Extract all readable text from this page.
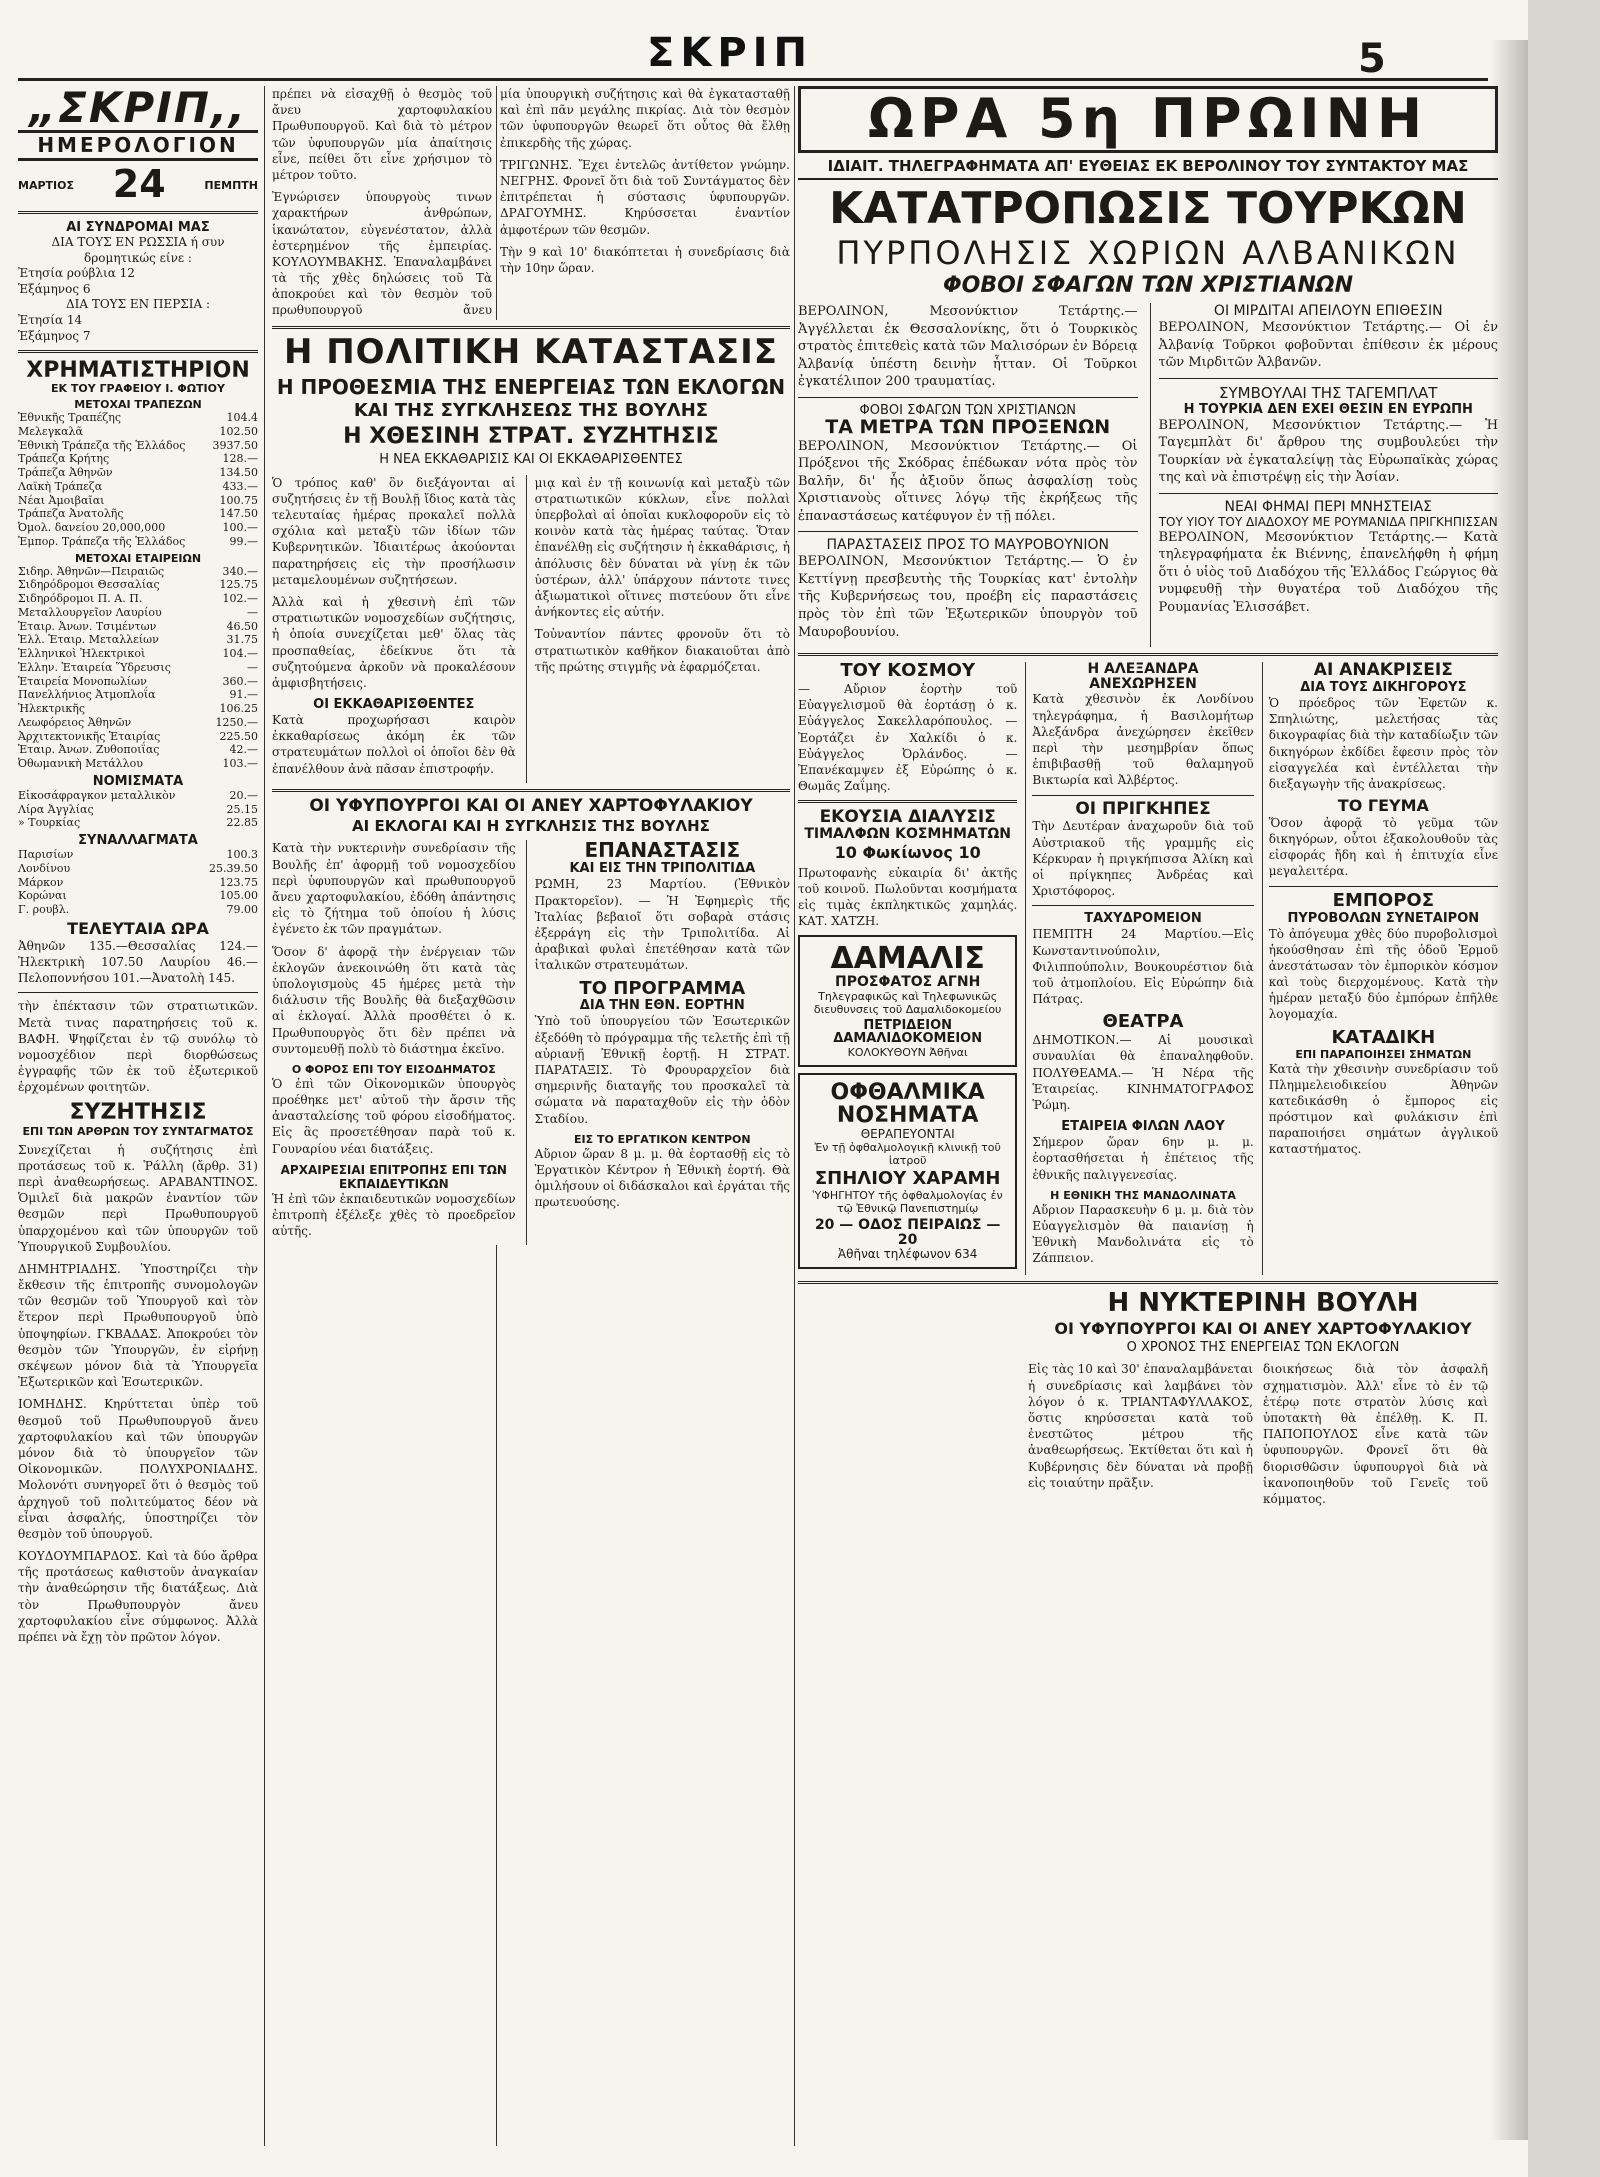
ΣΚΡΙΠ	5
„ΣΚΡΙΠ,,
ΗΜΕΡΟΛΟΓΙΟΝ
ΜΑΡΤΙΟΣ 24	ΠΕΜΠΤΗ
ΑΙ ΣΥΝΔΡΟΜΑΙ ΜΑΣ
ΔΙΑ ΤΟΥΣ ΕΝ ΡΩΣΣΙΑ ή συν
δρομητικώς είνε :
Ἐτησία ρούβλια 12
Ἑξάμηνος 6
ΔΙΑ ΤΟΥΣ ΕΝ ΠΕΡΣΙΑ :
Ἐτησία 14
Ἑξάμηνος 7
ΧΡΗΜΑΤΙΣΤΗΡΙΟΝ
ΕΚ ΤΟΥ ΓΡΑΦΕΙΟΥ Ι. ΦΩΤΙΟΥ
ΜΕΤΟΧΑΙ ΤΡΑΠΕΖΩΝ
Ἐθνικῆς Τραπέζης	104.4
Μελεγκαλᾶ	102.50
Ἐθνικὴ Τράπεζα τῆς Ἑλλάδος	3937.50
Τράπεζα Κρήτης	128.—
Τράπεζα Ἀθηνῶν	134.50
Λαϊκὴ Τράπεζα	433.—
Νέαι Ἀμοιβαῖαι	100.75
Τράπεζα Ἀνατολῆς	147.50
Ὀμολ. δανείου 20,000,000	100.—
Ἐμπορ. Τράπεζα τῆς Ἑλλάδος	99.—
ΜΕΤΟΧΑΙ ΕΤΑΙΡΕΙΩΝ
Σιδηρ. Ἀθηνῶν—Πειραιῶς	340.—
Σιδηρόδρομοι Θεσσαλίας	125.75
Σιδηρόδρομοι Π. Α. Π.	102.—
Μεταλλουργεῖον Λαυρίου	—
Ἑταιρ. Ἀνων. Τσιμέντων	46.50
Ἑλλ. Ἑταιρ. Μεταλλείων	31.75
Ἑλληνικοὶ Ἠλεκτρικοὶ	104.—
Ἑλλην. Ἑταιρεία Ὕδρευσις	—
Ἑταιρεία Μονοπωλίων	360.—
Πανελλήνιος Ἀτμοπλοΐα	91.—
Ἠλεκτρικῆς	106.25
Λεωφόρειος Ἀθηνῶν	1250.—
Ἀρχιτεκτονικῆς Ἑταιρίας	225.50
Ἑταιρ. Ἀνων. Ζυθοποιΐας	42.—
Ὀθωμανικὴ Μετάλλου	103.—
ΝΟΜΙΣΜΑΤΑ
Εἰκοσάφραγκον μεταλλικὸν	20.—
Λίρα Ἀγγλίας	25.15
» Τουρκίας	22.85
ΣΥΝΑΛΛΑΓΜΑΤΑ
Παρισίων	100.3
Λονδίνου	25.39.50
Μάρκον	123.75
Κορώναι	105.00
Γ. ρουβλ.	79.00
ΤΕΛΕΥΤΑΙΑ ΩΡΑ

Ἀθηνῶν 135.—Θεσσαλίας 124.—Ἠλεκτρικὴ 107.50 Λαυρίου 46.—Πελοποννήσου 101.—Ἀνατολὴ 145.

τὴν ἐπέκτασιν τῶν στρατιωτικῶν. Μετὰ τινας παρατηρήσεις τοῦ κ. ΒΑΦΗ. Ψηφίζεται ἐν τῷ συνόλῳ τὸ νομοσχέδιον περὶ διορθώσεως ἐγγραφῆς τῶν ἐκ τοῦ ἐξωτερικοῦ ἐρχομένων φοιτητῶν.

ΣΥΖΗΤΗΣΙΣ
ΕΠΙ ΤΩΝ ΑΡΘΡΩΝ ΤΟΥ ΣΥΝΤΑΓΜΑΤΟΣ

Συνεχίζεται ἡ συζήτησις ἐπὶ προτάσεως τοῦ κ. Ῥάλλη (ἄρθρ. 31) περὶ ἀναθεωρήσεως. ΑΡΑΒΑΝΤΙΝΟΣ. Ὁμιλεῖ διὰ μακρῶν ἐναντίον τῶν θεσμῶν περὶ Πρωθυπουργοῦ ὑπαρχομένου καὶ τῶν ὑπουργῶν τοῦ Ὑπουργικοῦ Συμβουλίου.

ΔΗΜΗΤΡΙΑΔΗΣ. Ὑποστηρίζει τὴν ἔκθεσιν τῆς ἐπιτροπῆς συνομολογῶν τῶν θεσμῶν τοῦ Ὑπουργοῦ καὶ τὸν ἕτερον περὶ Πρωθυπουργοῦ ὑπὸ ὑποψηφίων. ΓΚΒΑΔΑΣ. Ἀποκρούει τὸν θεσμὸν τῶν Ὑπουργῶν, ἐν εἰρήνῃ σκέψεων μόνον διὰ τὰ Ὑπουργεῖα Ἐξωτερικῶν καὶ Ἐσωτερικῶν.

ΙΟΜΗΔΗΣ. Κηρύττεται ὑπὲρ τοῦ θεσμοῦ τοῦ Πρωθυπουργοῦ ἄνευ χαρτοφυλακίου καὶ τῶν ὑπουργῶν μόνον διὰ τὸ ὑπουργεῖον τῶν Οἰκονομικῶν. ΠΟΛΥΧΡΟΝΙΑΔΗΣ. Μολονότι συνηγορεῖ ὅτι ὁ θεσμὸς τοῦ ἀρχηγοῦ τοῦ πολιτεύματος δέον νὰ εἶναι ἀσφαλής, ὑποστηρίζει τὸν θεσμὸν τοῦ ὑπουργοῦ.

ΚΟΥΔΟΥΜΠΑΡΔΟΣ. Καὶ τὰ δύο ἄρθρα τῆς προτάσεως καθιστοῦν ἀναγκαίαν τὴν ἀναθεώρησιν τῆς διατάξεως. Διὰ τὸν Πρωθυπουργὸν ἄνευ χαρτοφυλακίου εἶνε σύμφωνος. Ἀλλὰ πρέπει νὰ ἔχῃ τὸν πρῶτον λόγον.

πρέπει νὰ εἰσαχθῇ ὁ θεσμὸς τοῦ ἄνευ χαρτοφυλακίου Πρωθυπουργοῦ. Καὶ διὰ τὸ μέτρον τῶν ὑφυπουργῶν μία ἀπαίτησις εἶνε, πείθει ὅτι εἶνε χρήσιμον τὸ μέτρον τοῦτο.

Ἐγνώρισεν ὑπουργοὺς τινων χαρακτήρων ἀνθρώπων, ἱκανώτατον, εὐγενέστατον, ἀλλὰ ἐστερημένον τῆς ἐμπειρίας. ΚΟΥΛΟΥΜΒΑΚΗΣ. Ἐπαναλαμβάνει τὰ τῆς χθὲς δηλώσεις τοῦ Τὰ ἀποκρούει καὶ τὸν θεσμὸν τοῦ πρωθυπουργοῦ ἄνευ

μία ὑπουργικὴ συζήτησις καὶ θὰ ἐγκατασταθῇ καὶ ἐπὶ πᾶν μεγάλης πικρίας. Διὰ τὸν θεσμὸν τῶν ὑφυπουργῶν θεωρεῖ ὅτι οὗτος θὰ ἔλθῃ ἐπικερδὴς τῆς χώρας.

ΤΡΙΓΩΝΗΣ. Ἔχει ἐντελῶς ἀντίθετον γνώμην. ΝΕΓΡΗΣ. Φρονεῖ ὅτι διὰ τοῦ Συντάγματος δὲν ἐπιτρέπεται ἡ σύστασις ὑφυπουργῶν. ΔΡΑΓΟΥΜΗΣ. Κηρύσσεται ἐναντίον ἀμφοτέρων τῶν θεσμῶν.

Τὴν 9 καὶ 10' διακόπτεται ἡ συνεδρίασις διὰ τὴν 10ην ὥραν.

Η ΠΟΛΙΤΙΚΗ ΚΑΤΑΣΤΑΣΙΣ
Η ΠΡΟΘΕΣΜΙΑ ΤΗΣ ΕΝΕΡΓΕΙΑΣ ΤΩΝ ΕΚΛΟΓΩΝ
ΚΑΙ ΤΗΣ ΣΥΓΚΛΗΣΕΩΣ ΤΗΣ ΒΟΥΛΗΣ
Η ΧΘΕΣΙΝΗ ΣΤΡΑΤ. ΣΥΖΗΤΗΣΙΣ
Η ΝΕΑ ΕΚΚΑΘΑΡΙΣΙΣ ΚΑΙ ΟΙ ΕΚΚΑΘΑΡΙΣΘΕΝΤΕΣ

Ὁ τρόπος καθ' ὃν διεξάγονται αἱ συζητήσεις ἐν τῇ Βουλῇ ἴδιος κατὰ τὰς τελευταίας ἡμέρας προκαλεῖ πολλὰ σχόλια καὶ μεταξὺ τῶν ἰδίων τῶν Κυβερνητικῶν. Ἰδιαιτέρως ἀκούονται παρατηρήσεις εἰς τὴν προσήλωσιν μεταμελουμένων συζητήσεων.

Ἀλλὰ καὶ ἡ χθεσινὴ ἐπὶ τῶν στρατιωτικῶν νομοσχεδίων συζήτησις, ἡ ὁποία συνεχίζεται μεθ' ὅλας τὰς προσπαθείας, ἐδείκνυε ὅτι τὰ συζητούμενα ἀρκοῦν νὰ προκαλέσουν ἀμφισβητήσεις.

ΟΙ ΕΚΚΑΘΑΡΙΣΘΕΝΤΕΣ

Κατὰ προχωρήσασι καιρὸν ἐκκαθαρίσεως ἀκόμη ἐκ τῶν στρατευμάτων πολλοὶ οἱ ὁποῖοι δὲν θὰ ἐπανέλθουν ἀνὰ πᾶσαν ἐπιστροφήν.

μιᾳ καὶ ἐν τῇ κοινωνίᾳ καὶ μεταξὺ τῶν στρατιωτικῶν κύκλων, εἶνε πολλαὶ ὑπερβολαὶ αἱ ὁποῖαι κυκλοφοροῦν εἰς τὸ κοινὸν κατὰ τὰς ἡμέρας ταύτας. Ὅταν ἐπανέλθῃ εἰς συζήτησιν ἡ ἐκκαθάρισις, ἡ ἀπόλυσις δὲν δύναται νὰ γίνῃ ἐκ τῶν ὑστέρων, ἀλλ' ὑπάρχουν πάντοτε τινες ἀξιωματικοὶ οἵτινες πιστεύουν ὅτι εἶνε ἀνήκοντες εἰς αὐτήν.

Τοὐναντίον πάντες φρονοῦν ὅτι τὸ στρατιωτικὸν καθῆκον διακαιοῦται ἀπὸ τῆς πρώτης στιγμῆς νὰ ἐφαρμόζεται.

ΟΙ ΥΦΥΠΟΥΡΓΟΙ ΚΑΙ ΟΙ ΑΝΕΥ ΧΑΡΤΟΦΥΛΑΚΙΟΥ
ΑΙ ΕΚΛΟΓΑΙ ΚΑΙ Η ΣΥΓΚΛΗΣΙΣ ΤΗΣ ΒΟΥΛΗΣ

Κατὰ τὴν νυκτερινὴν συνεδρίασιν τῆς Βουλῆς ἐπ' ἀφορμῇ τοῦ νομοσχεδίου περὶ ὑφυπουργῶν καὶ πρωθυπουργοῦ ἄνευ χαρτοφυλακίου, ἐδόθη ἀπάντησις εἰς τὸ ζήτημα τοῦ ὁποίου ἡ λύσις ἐγένετο ἐκ τῶν πραγμάτων.

Ὅσον δ' ἀφορᾷ τὴν ἐνέργειαν τῶν ἐκλογῶν ἀνεκοινώθη ὅτι κατὰ τὰς ὑπολογισμοὺς 45 ἡμέρες μετὰ τὴν διάλυσιν τῆς Βουλῆς θὰ διεξαχθῶσιν αἱ ἐκλογαί. Ἀλλὰ προσθέτει ὁ κ. Πρωθυπουργὸς ὅτι δὲν πρέπει νὰ συντομευθῇ πολὺ τὸ διάστημα ἐκεῖνο.

Ο ΦΟΡΟΣ ΕΠΙ ΤΟΥ ΕΙΣΟΔΗΜΑΤΟΣ

Ὁ ἐπὶ τῶν Οἰκονομικῶν ὑπουργὸς προέθηκε μετ' αὐτοῦ τὴν ἄρσιν τῆς ἀνασταλείσης τοῦ φόρου εἰσοδήματος. Εἰς ἃς προσετέθησαν παρὰ τοῦ κ. Γουναρίου νέαι διατάξεις.

ΑΡΧΑΙΡΕΣΙΑΙ ΕΠΙΤΡΟΠΗΣ ΕΠΙ ΤΩΝ ΕΚΠΑΙΔΕΥΤΙΚΩΝ

Ἡ ἐπὶ τῶν ἐκπαιδευτικῶν νομοσχεδίων ἐπιτροπὴ ἐξέλεξε χθὲς τὸ προεδρεῖον αὐτῆς.

ΕΠΑΝΑΣΤΑΣΙΣ
ΚΑΙ ΕΙΣ ΤΗΝ ΤΡΙΠΟΛΙΤΙΔΑ

ΡΩΜΗ, 23 Μαρτίου. (Ἐθνικὸν Πρακτορεῖον). — Ἡ Ἐφημερὶς τῆς Ἰταλίας βεβαιοῖ ὅτι σοβαρὰ στάσις ἐξερράγη εἰς τὴν Τριπολιτίδα. Αἱ ἀραβικαὶ φυλαὶ ἐπετέθησαν κατὰ τῶν ἰταλικῶν στρατευμάτων.

ΤΟ ΠΡΟΓΡΑΜΜΑ
ΔΙΑ ΤΗΝ ΕΘΝ. ΕΟΡΤΗΝ

Ὑπὸ τοῦ ὑπουργείου τῶν Ἐσωτερικῶν ἐξεδόθη τὸ πρόγραμμα τῆς τελετῆς ἐπὶ τῇ αὐριανῇ Ἐθνικῇ ἑορτῇ. Η ΣΤΡΑΤ. ΠΑΡΑΤΑΞΙΣ. Τὸ Φρουραρχεῖον διὰ σημερινῆς διαταγῆς του προσκαλεῖ τὰ σώματα νὰ παραταχθοῦν εἰς τὴν ὁδὸν Σταδίου.

ΕΙΣ ΤΟ ΕΡΓΑΤΙΚΟΝ ΚΕΝΤΡΟΝ

Αὔριον ὥραν 8 μ. μ. θὰ ἑορτασθῇ εἰς τὸ Ἐργατικὸν Κέντρον ἡ Ἐθνικὴ ἑορτή. Θὰ ὁμιλήσουν οἱ διδάσκαλοι καὶ ἐργάται τῆς πρωτευούσης.

ΩΡΑ 5η ΠΡΩΙΝΗ
ΙΔΙΑΙΤ. ΤΗΛΕΓΡΑΦΗΜΑΤΑ ΑΠ' ΕΥΘΕΙΑΣ ΕΚ ΒΕΡΟΛΙΝΟΥ ΤΟΥ ΣΥΝΤΑΚΤΟΥ ΜΑΣ
ΚΑΤΑΤΡΟΠΩΣΙΣ ΤΟΥΡΚΩΝ
ΠΥΡΠΟΛΗΣΙΣ ΧΩΡΙΩΝ ΑΛΒΑΝΙΚΩΝ
ΦΟΒΟΙ ΣΦΑΓΩΝ ΤΩΝ ΧΡΙΣΤΙΑΝΩΝ

ΒΕΡΟΛΙΝΟΝ, Μεσονύκτιον Τετάρτης.— Ἀγγέλλεται ἐκ Θεσσαλονίκης, ὅτι ὁ Τουρκικὸς στρατὸς ἐπιτεθεὶς κατὰ τῶν Μαλισόρων ἐν Βόρειᾳ Ἀλβανίᾳ ὑπέστη δεινὴν ἧτταν. Οἱ Τοῦρκοι ἐγκατέλιπον 200 τραυματίας.

ΦΟΒΟΙ ΣΦΑΓΩΝ ΤΩΝ ΧΡΙΣΤΙΑΝΩΝ
ΤΑ ΜΕΤΡΑ ΤΩΝ ΠΡΟΞΕΝΩΝ

ΒΕΡΟΛΙΝΟΝ, Μεσονύκτιον Τετάρτης.— Οἱ Πρόξενοι τῆς Σκόδρας ἐπέδωκαν νότα πρὸς τὸν Βαλῆν, δι' ἧς ἀξιοῦν ὅπως ἀσφαλίσῃ τοὺς Χριστιανοὺς οἵτινες λόγῳ τῆς ἐκρήξεως τῆς ἐπαναστάσεως κατέφυγον ἐν τῇ πόλει.

ΠΑΡΑΣΤΑΣΕΙΣ ΠΡΟΣ ΤΟ ΜΑΥΡΟΒΟΥΝΙΟΝ

ΒΕΡΟΛΙΝΟΝ, Μεσονύκτιον Τετάρτης.— Ὁ ἐν Κεττίγνῃ πρεσβευτὴς τῆς Τουρκίας κατ' ἐντολὴν τῆς Κυβερνήσεως του, προέβη εἰς παραστάσεις πρὸς τὸν ἐπὶ τῶν Ἐξωτερικῶν ὑπουργὸν τοῦ Μαυροβουνίου.

ΟΙ ΜΙΡΔΙΤΑΙ ΑΠΕΙΛΟΥΝ ΕΠΙΘΕΣΙΝ

ΒΕΡΟΛΙΝΟΝ, Μεσονύκτιον Τετάρτης.— Οἱ ἐν Ἀλβανίᾳ Τοῦρκοι φοβοῦνται ἐπίθεσιν ἐκ μέρους τῶν Μιρδιτῶν Ἀλβανῶν.

ΣΥΜΒΟΥΛΑΙ ΤΗΣ ΤΑΓΕΜΠΛΑΤ
Η ΤΟΥΡΚΙΑ ΔΕΝ ΕΧΕΙ ΘΕΣΙΝ ΕΝ ΕΥΡΩΠΗ

ΒΕΡΟΛΙΝΟΝ, Μεσονύκτιον Τετάρτης.— Ἡ Ταγεμπλὰτ δι' ἄρθρου της συμβουλεύει τὴν Τουρκίαν νὰ ἐγκαταλείψῃ τὰς Εὐρωπαϊκὰς χώρας της καὶ νὰ ἐπιστρέψῃ εἰς τὴν Ἀσίαν.

ΝΕΑΙ ΦΗΜΑΙ ΠΕΡΙ ΜΝΗΣΤΕΙΑΣ
ΤΟΥ ΥΙΟΥ ΤΟΥ ΔΙΑΔΟΧΟΥ ΜΕ ΡΟΥΜΑΝΙΔΑ ΠΡΙΓΚΗΠΙΣΣΑΝ

ΒΕΡΟΛΙΝΟΝ, Μεσονύκτιον Τετάρτης.— Κατὰ τηλεγραφήματα ἐκ Βιέννης, ἐπανελήφθη ἡ φήμη ὅτι ὁ υἱὸς τοῦ Διαδόχου τῆς Ἑλλάδος Γεώργιος θὰ νυμφευθῇ τὴν θυγατέρα τοῦ Διαδόχου τῆς Ρουμανίας Ἐλισσάβετ.

ΤΟΥ ΚΟΣΜΟΥ

— Αὔριον ἑορτὴν τοῦ Εὐαγγελισμοῦ θὰ ἑορτάσῃ ὁ κ. Εὐάγγελος Σακελλαρόπουλος. — Ἐορτάζει ἐν Χαλκίδι ὁ κ. Εὐάγγελος Ὀρλάνδος. — Ἐπανέκαμψεν ἐξ Εὐρώπης ὁ κ. Θωμᾶς Ζαΐμης.

ΕΚΟΥΣΙΑ ΔΙΑΛΥΣΙΣ
ΤΙΜΑΛΦΩΝ ΚΟΣΜΗΜΑΤΩΝ
10 Φωκίωνος 10

Πρωτοφανὴς εὐκαιρία δι' ἀκτῆς τοῦ κοινοῦ. Πωλοῦνται κοσμήματα εἰς τιμὰς ἐκπληκτικῶς χαμηλάς. ΚΑΤ. ΧΑΤΖΗ.

ΔΑΜΑΛΙΣ
ΠΡΟΣΦΑΤΟΣ ΑΓΝΗ
Τηλεγραφικῶς καὶ Τηλεφωνικῶς διευθυνσεις τοῦ Δαμαλιδοκομείου
ΠΕΤΡΙΔΕΙΟΝ ΔΑΜΑΛΙΔΟΚΟΜΕΙΟΝ
ΚΟΛΟΚΥΘΟΥΝ Ἀθῆναι
ΟΦΘΑΛΜΙΚΑ ΝΟΣΗΜΑΤΑ
ΘΕΡΑΠΕΥΟΝΤΑΙ
Ἐν τῇ ὀφθαλμολογικῇ κλινικῇ τοῦ ἰατροῦ
ΣΠΗΛΙΟΥ ΧΑΡΑΜΗ
ὙΦΗΓΗΤΟΥ τῆς ὀφθαλμολογίας ἐν τῷ Ἐθνικῷ Πανεπιστημίῳ
20 — ΟΔΟΣ ΠΕΙΡΑΙΩΣ — 20
Ἀθῆναι τηλέφωνον 634
Η ΑΛΕΞΑΝΔΡΑ ΑΝΕΧΩΡΗΣΕΝ

Κατὰ χθεσινὸν ἐκ Λονδίνου τηλεγράφημα, ἡ Βασιλομήτωρ Ἀλεξάνδρα ἀνεχώρησεν ἐκεῖθεν περὶ τὴν μεσημβρίαν ὅπως ἐπιβιβασθῇ τοῦ θαλαμηγοῦ Βικτωρία καὶ Ἀλβέρτος.

ΟΙ ΠΡΙΓΚΗΠΕΣ

Τὴν Δευτέραν ἀναχωροῦν διὰ τοῦ Αὐστριακοῦ τῆς γραμμῆς εἰς Κέρκυραν ἡ πριγκήπισσα Ἀλίκη καὶ οἱ πρίγκηπες Ἀνδρέας καὶ Χριστόφορος.

ΤΑΧΥΔΡΟΜΕΙΟΝ

ΠΕΜΠΤΗ 24 Μαρτίου.—Εἰς Κωνσταντινούπολιν, Φιλιππούπολιν, Βουκουρέστιον διὰ τοῦ ἀτμοπλοίου. Εἰς Εὐρώπην διὰ Πάτρας.

ΘΕΑΤΡΑ

ΔΗΜΟΤΙΚΟΝ.— Αἱ μουσικαὶ συναυλίαι θὰ ἐπαναληφθοῦν. ΠΟΛΥΘΕΑΜΑ.— Ἡ Νέρα τῆς Ἑταιρείας. ΚΙΝΗΜΑΤΟΓΡΑΦΟΣ Ῥώμη.

ΕΤΑΙΡΕΙΑ ΦΙΛΩΝ ΛΑΟΥ

Σήμερον ὥραν 6ην μ. μ. ἐορτασθήσεται ἡ ἐπέτειος τῆς ἐθνικῆς παλιγγενεσίας.

Η ΕΘΝΙΚΗ ΤΗΣ ΜΑΝΔΟΛΙΝΑΤΑ

Αὔριον Παρασκευὴν 6 μ. μ. διὰ τὸν Εὐαγγελισμὸν θὰ παιανίσῃ ἡ Ἐθνικὴ Μανδολινάτα εἰς τὸ Ζάππειον.

ΑΙ ΑΝΑΚΡΙΣΕΙΣ
ΔΙΑ ΤΟΥΣ ΔΙΚΗΓΟΡΟΥΣ

Ὁ πρόεδρος τῶν Ἐφετῶν κ. Σπηλιώτης, μελετήσας τὰς δικογραφίας διὰ τὴν καταδίωξιν τῶν δικηγόρων ἐκδίδει ἔφεσιν πρὸς τὸν εἰσαγγελέα καὶ ἐντέλλεται τὴν διεξαγωγὴν τῆς ἀνακρίσεως.

ΤΟ ΓΕΥΜΑ

Ὅσον ἀφορᾷ τὸ γεῦμα τῶν δικηγόρων, οὗτοι ἐξακολουθοῦν τὰς εἰσφοράς ἤδη καὶ ἡ ἐπιτυχία εἶνε μεγαλειτέρα.

ΕΜΠΟΡΟΣ
ΠΥΡΟΒΟΛΩΝ ΣΥΝΕΤΑΙΡΟΝ

Τὸ ἀπόγευμα χθὲς δύο πυροβολισμοὶ ἠκούσθησαν ἐπὶ τῆς ὁδοῦ Ἑρμοῦ ἀνεστάτωσαν τὸν ἐμπορικὸν κόσμον καὶ τοὺς διερχομένους. Κατὰ τὴν ἡμέραν μεταξύ δύο ἐμπόρων ἐπῆλθε λογομαχία.

ΚΑΤΑΔΙΚΗ
ΕΠΙ ΠΑΡΑΠΟΙΗΣΕΙ ΣΗΜΑΤΩΝ

Κατὰ τὴν χθεσινὴν συνεδρίασιν τοῦ Πλημμελειοδικείου Ἀθηνῶν κατεδικάσθη ὁ ἔμπορος εἰς πρόστιμον καὶ φυλάκισιν ἐπὶ παραποιήσει σημάτων ἀγγλικοῦ καταστήματος.

Η ΝΥΚΤΕΡΙΝΗ ΒΟΥΛΗ
ΟΙ ΥΦΥΠΟΥΡΓΟΙ ΚΑΙ ΟΙ ΑΝΕΥ ΧΑΡΤΟΦΥΛΑΚΙΟΥ
Ο ΧΡΟΝΟΣ ΤΗΣ ΕΝΕΡΓΕΙΑΣ ΤΩΝ ΕΚΛΟΓΩΝ

Εἰς τὰς 10 καὶ 30' ἐπαναλαμβάνεται ἡ συνεδρίασις καὶ λαμβάνει τὸν λόγον ὁ κ. ΤΡΙΑΝΤΑΦΥΛΛΑΚΟΣ, ὅστις κηρύσσεται κατὰ τοῦ ἐνεστῶτος μέτρου τῆς ἀναθεωρήσεως. Ἐκτίθεται ὅτι καὶ ἡ Κυβέρνησις δὲν δύναται νὰ προβῇ εἰς τοιαύτην πρᾶξιν.

διοικήσεως διὰ τὸν ἀσφαλῆ σχηματισμὸν. Ἀλλ' εἶνε τὸ ἐν τῷ ἑτέρῳ ποτε στρατὸν λύσις καὶ ὑποτακτὴ θὰ ἐπέλθῃ. Κ. Π. ΠΑΠΟΠΟΥΛΟΣ εἶνε κατὰ τῶν ὑφυπουργῶν. Φρονεῖ ὅτι θὰ διορισθῶσιν ὑφυπουργοὶ διὰ νὰ ἱκανοποιηθοῦν τοῦ Γενεῖς τοῦ κόμματος.
